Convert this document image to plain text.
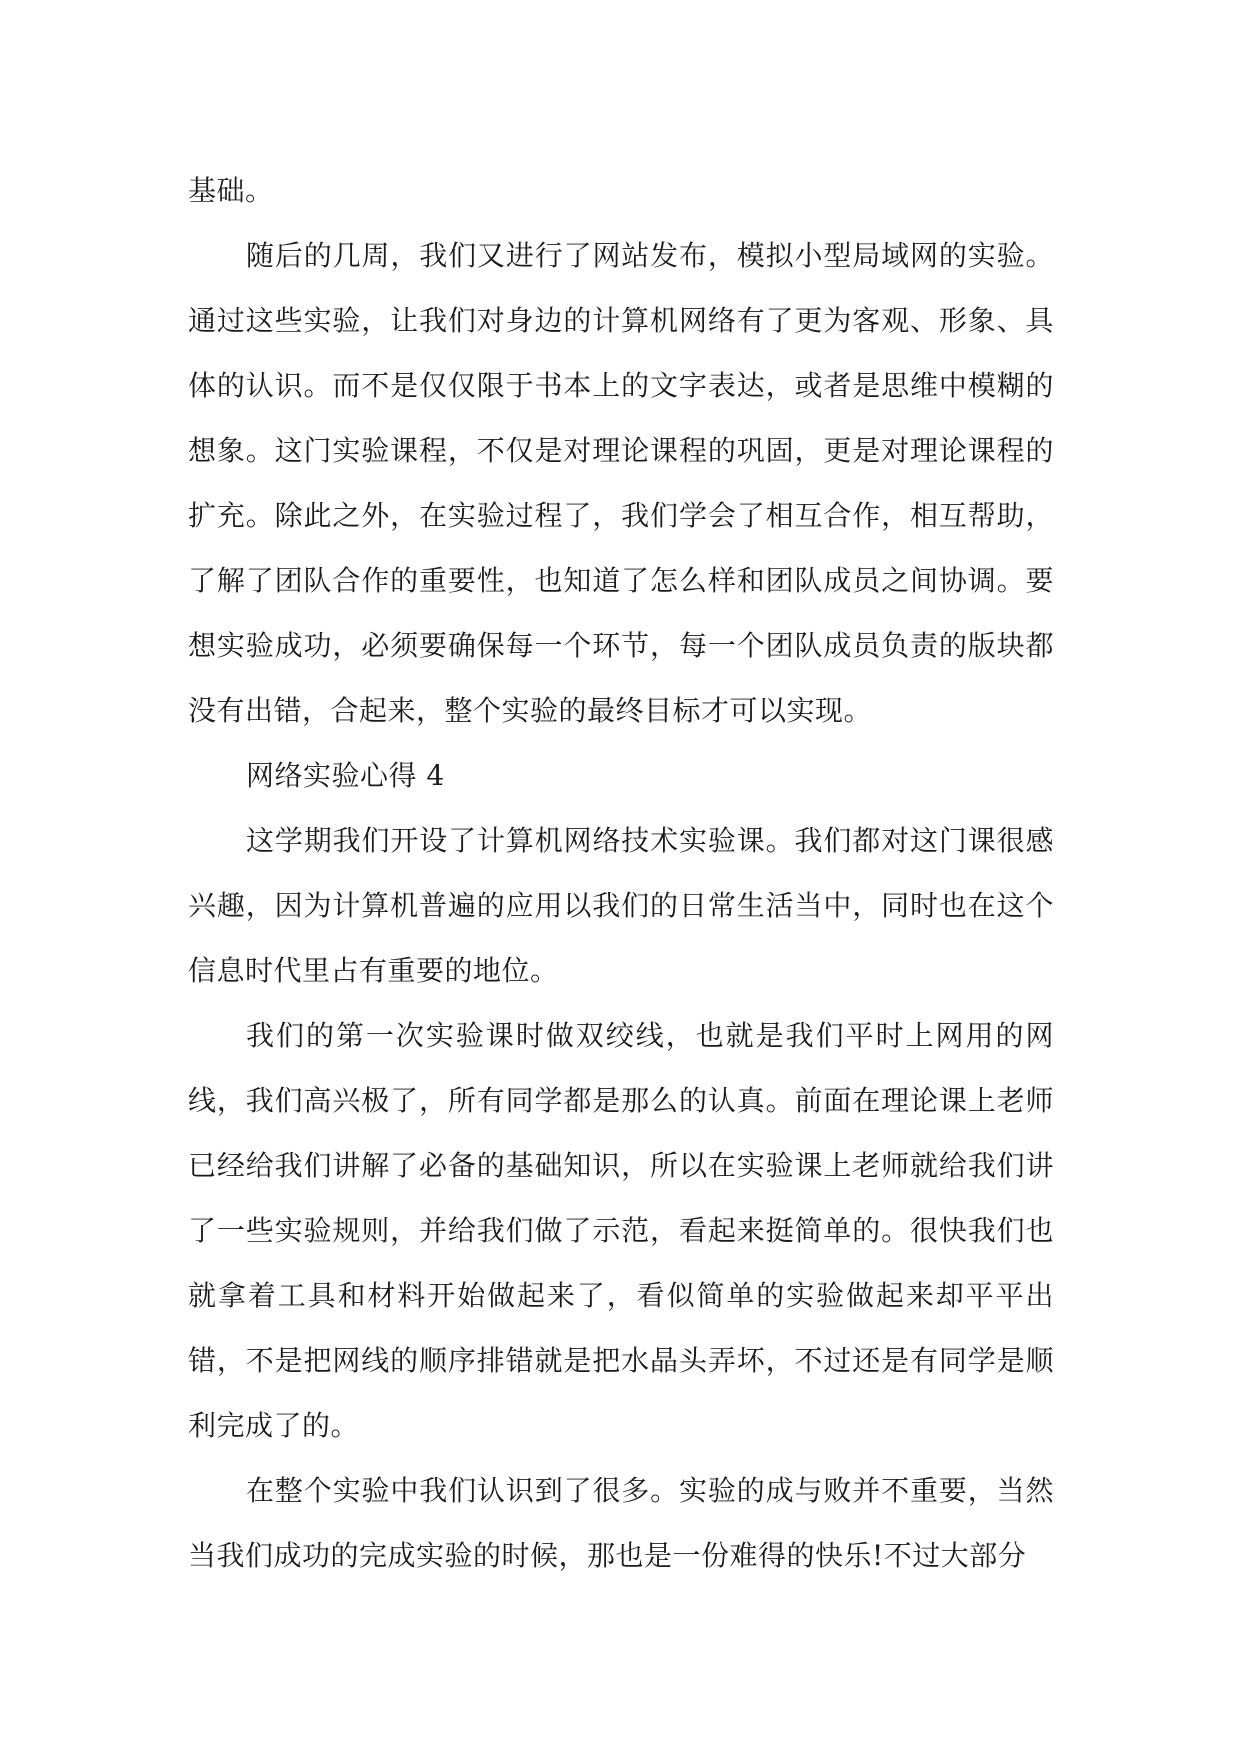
基础。

随后的几周，我们又进行了网站发布，模拟小型局域网的实验。通过这些实验，让我们对身边的计算机网络有了更为客观、形象、具体的认识。而不是仅仅限于书本上的文字表达，或者是思维中模糊的想象。这门实验课程，不仅是对理论课程的巩固，更是对理论课程的扩充。除此之外，在实验过程了，我们学会了相互合作，相互帮助，了解了团队合作的重要性，也知道了怎么样和团队成员之间协调。要想实验成功，必须要确保每一个环节，每一个团队成员负责的版块都没有出错，合起来，整个实验的最终目标才可以实现。

网络实验心得 4

这学期我们开设了计算机网络技术实验课。我们都对这门课很感兴趣，因为计算机普遍的应用以我们的日常生活当中，同时也在这个信息时代里占有重要的地位。

我们的第一次实验课时做双绞线，也就是我们平时上网用的网线，我们高兴极了，所有同学都是那么的认真。前面在理论课上老师已经给我们讲解了必备的基础知识，所以在实验课上老师就给我们讲了一些实验规则，并给我们做了示范，看起来挺简单的。很快我们也就拿着工具和材料开始做起来了，看似简单的实验做起来却平平出错，不是把网线的顺序排错就是把水晶头弄坏，不过还是有同学是顺利完成了的。

在整个实验中我们认识到了很多。实验的成与败并不重要，当然当我们成功的完成实验的时候，那也是一份难得的快乐!不过大部分
